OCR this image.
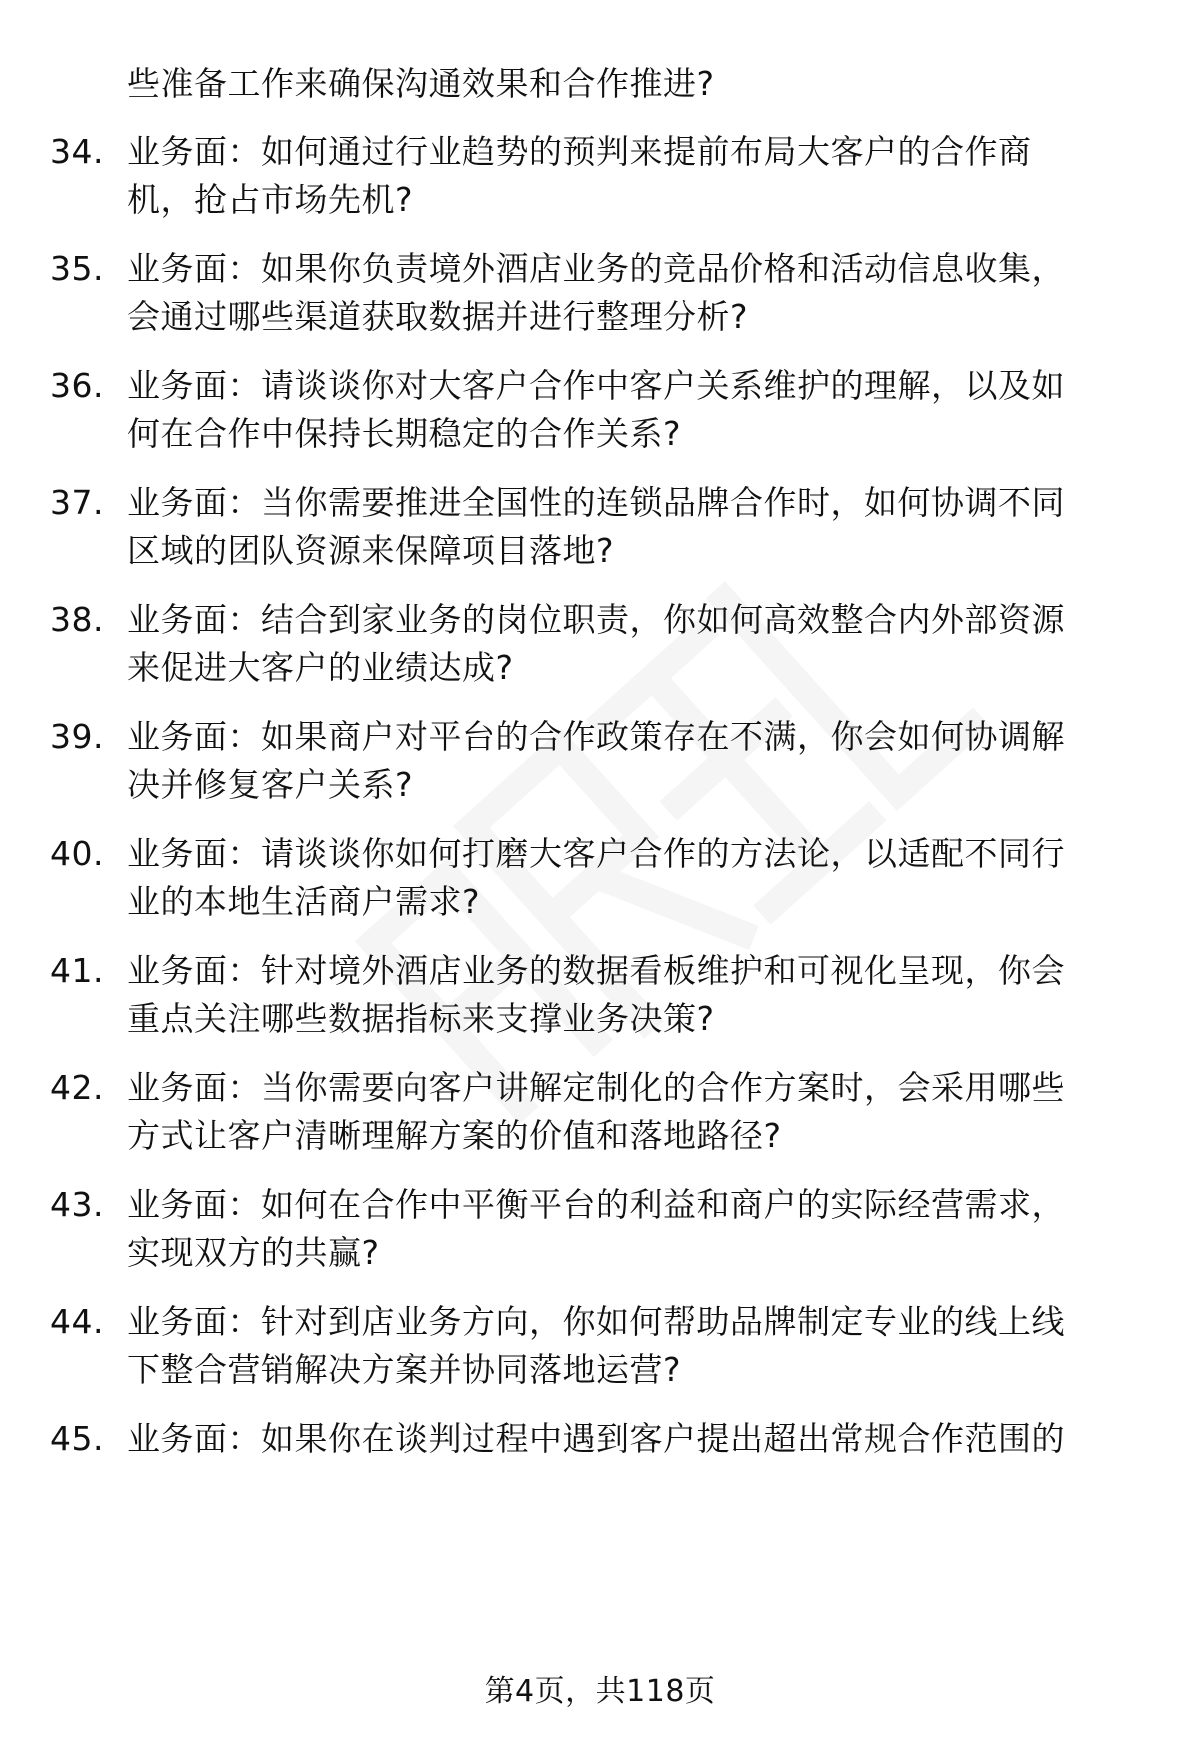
些准备工作来确保沟通效果和合作推进?
34. 业务面：如何通过行业趋势的预判来提前布局大客户的合作商
机，抢占市场先机?
35. 业务面：如果你负责境外酒店业务的竞品价格和活动信息收集，
会通过哪些渠道获取数据并进行整理分析?
36. 业务面：请谈谈你对大客户合作中客户关系维护的理解，以及如
何在合作中保持长期稳定的合作关系?
37. 业务面：当你需要推进全国性的连锁品牌合作时，如何协调不同
区域的团队资源来保障项目落地?
38. 业务面：结合到家业务的岗位职责，你如何高效整合内外部资源
来促进大客户的业绩达成?
39. 业务面：如果商户对平台的合作政策存在不满，你会如何协调解
决并修复客户关系?
40. 业务面：请谈谈你如何打磨大客户合作的方法论，以适配不同行
业的本地生活商户需求?
41. 业务面：针对境外酒店业务的数据看板维护和可视化呈现，你会
重点关注哪些数据指标来支撑业务决策?
42. 业务面：当你需要向客户讲解定制化的合作方案时，会采用哪些
方式让客户清晰理解方案的价值和落地路径?
43. 业务面：如何在合作中平衡平台的利益和商户的实际经营需求，
实现双方的共赢?
44. 业务面：针对到店业务方向，你如何帮助品牌制定专业的线上线
下整合营销解决方案并协同落地运营?
45. 业务面：如果你在谈判过程中遇到客户提出超出常规合作范围的
第4页，共118页
